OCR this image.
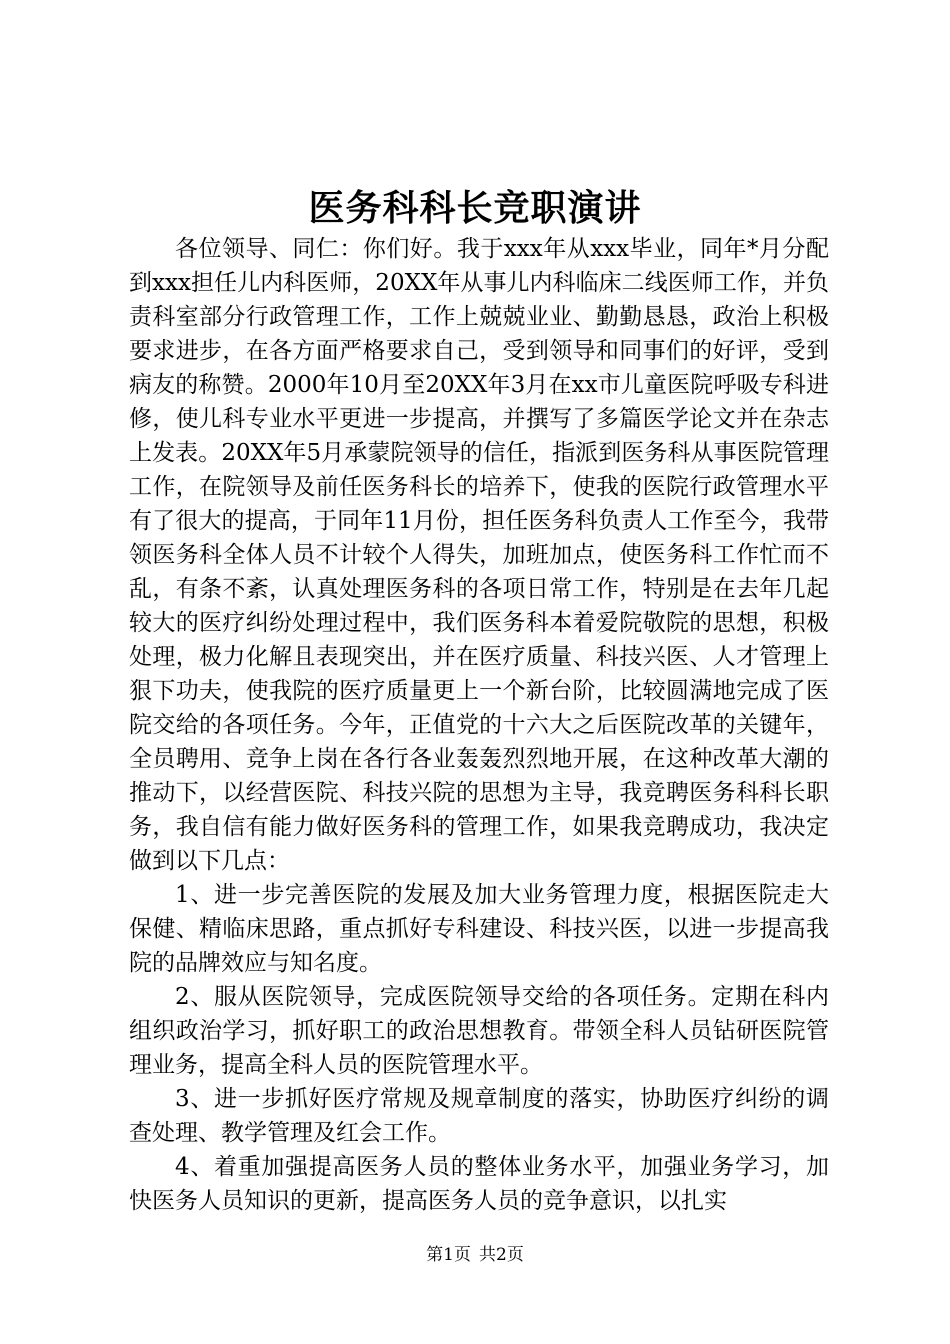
医务科科长竞职演讲

各位领导、同仁：你们好。我于xxx年从xxx毕业，同年*月分配到xxx担任儿内科医师，20XX年从事儿内科临床二线医师工作，并负责科室部分行政管理工作，工作上兢兢业业、勤勤恳恳，政治上积极要求进步，在各方面严格要求自己，受到领导和同事们的好评，受到病友的称赞。2000年10月至20XX年3月在xx市儿童医院呼吸专科进修，使儿科专业水平更进一步提高，并撰写了多篇医学论文并在杂志上发表。20XX年5月承蒙院领导的信任，指派到医务科从事医院管理工作，在院领导及前任医务科长的培养下，使我的医院行政管理水平有了很大的提高，于同年11月份，担任医务科负责人工作至今，我带领医务科全体人员不计较个人得失，加班加点，使医务科工作忙而不乱，有条不紊，认真处理医务科的各项日常工作，特别是在去年几起较大的医疗纠纷处理过程中，我们医务科本着爱院敬院的思想，积极处理，极力化解且表现突出，并在医疗质量、科技兴医、人才管理上狠下功夫，使我院的医疗质量更上一个新台阶，比较圆满地完成了医院交给的各项任务。今年，正值党的十六大之后医院改革的关键年，全员聘用、竞争上岗在各行各业轰轰烈烈地开展，在这种改革大潮的推动下，以经营医院、科技兴院的思想为主导，我竞聘医务科科长职务，我自信有能力做好医务科的管理工作，如果我竞聘成功，我决定做到以下几点：

1、进一步完善医院的发展及加大业务管理力度，根据医院走大保健、精临床思路，重点抓好专科建设、科技兴医，以进一步提高我院的品牌效应与知名度。

2、服从医院领导，完成医院领导交给的各项任务。定期在科内组织政治学习，抓好职工的政治思想教育。带领全科人员钻研医院管理业务，提高全科人员的医院管理水平。

3、进一步抓好医疗常规及规章制度的落实，协助医疗纠纷的调查处理、教学管理及红会工作。

4、着重加强提高医务人员的整体业务水平，加强业务学习，加快医务人员知识的更新，提高医务人员的竞争意识，以扎实

第1页 共2页
